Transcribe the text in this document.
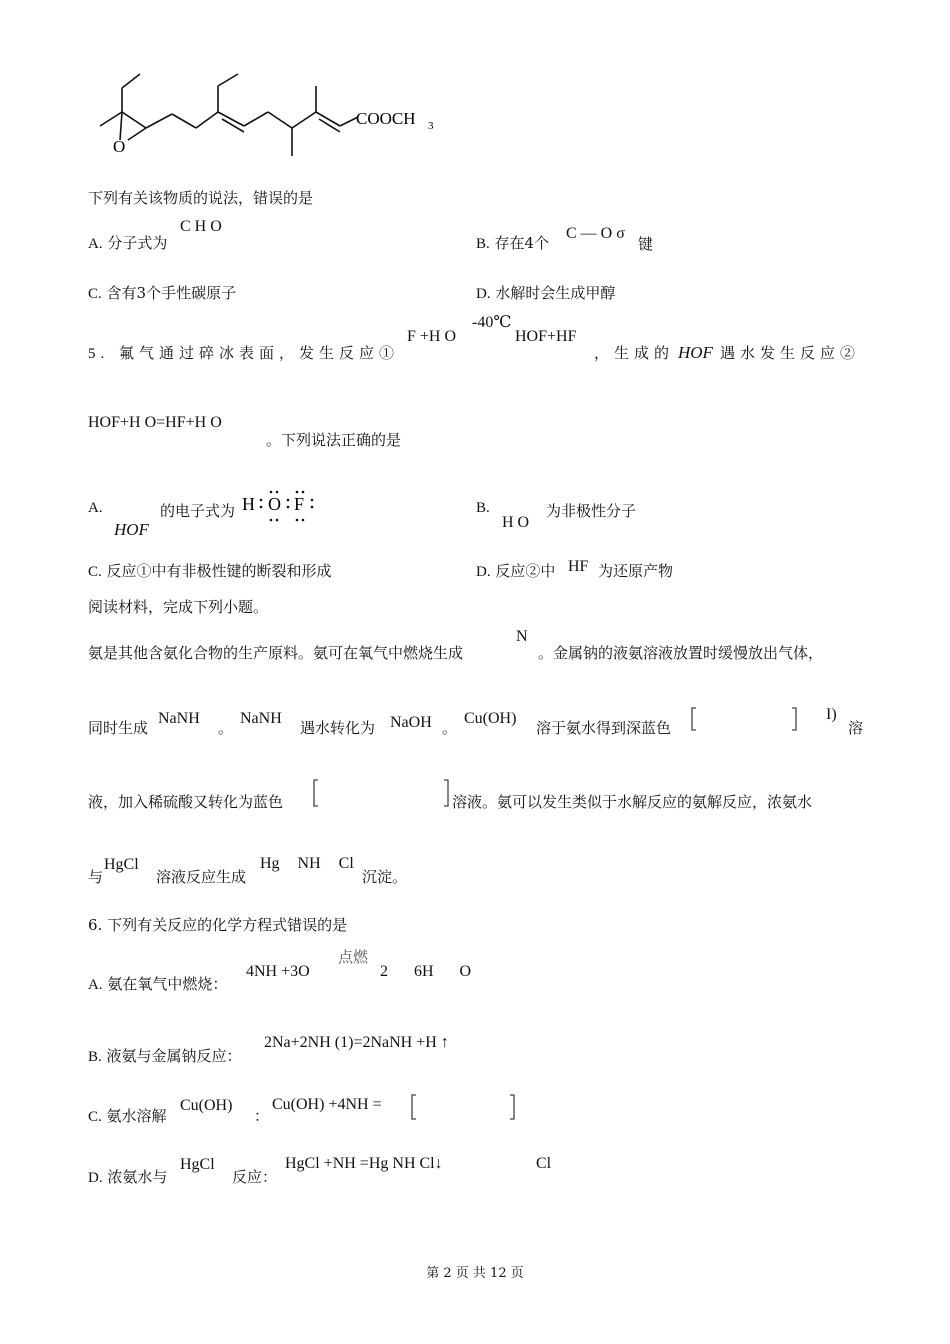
O
COOCH 3
下列有关该物质的说法，错误的是
A. 分子式为
C H O
B. 存在4个
C — O σ
键
C. 含有3个手性碳原子	D. 水解时会生成甲醇
5. 氟气通过碎冰表面，发生反应①
F +H O
-40℃
HOF+HF
，生成的 HOF 遇水发生反应②
HOF+H O=HF+H O
。下列说法正确的是
A.
HOF
的电子式为 H O F	B.
H O
为非极性分子
C. 反应①中有非极性键的断裂和形成	D. 反应②中 HF 为还原产物
阅读材料，完成下列小题。
氨是其他含氨化合物的生产原料。氨可在氧气中燃烧生成
N
。金属钠的液氨溶液放置时缓慢放出气体，
同时生成
NaNH
。
NaNH
遇水转化为 NaOH 。
Cu(OH)
溶于氨水得到深蓝色
I)
溶
液，加入稀硫酸又转化为蓝色	溶液。氨可以发生类似于水解反应的氨解反应，浓氨水
与
HgCl
溶液反应生成
Hg NH Cl
沉淀。
6. 下列有关反应的化学方程式错误的是
A. 氨在氧气中燃烧：
4NH +3O
点燃
2 6H O
B. 液氨与金属钠反应：
2Na+2NH (1)=2NaNH +H ↑
C. 氨水溶解
Cu(OH)
：
Cu(OH) +4NH =
D. 浓氨水与
HgCl
反应：
HgCl +NH =Hg NH Cl↓	Cl
第 2 页 共 12 页
